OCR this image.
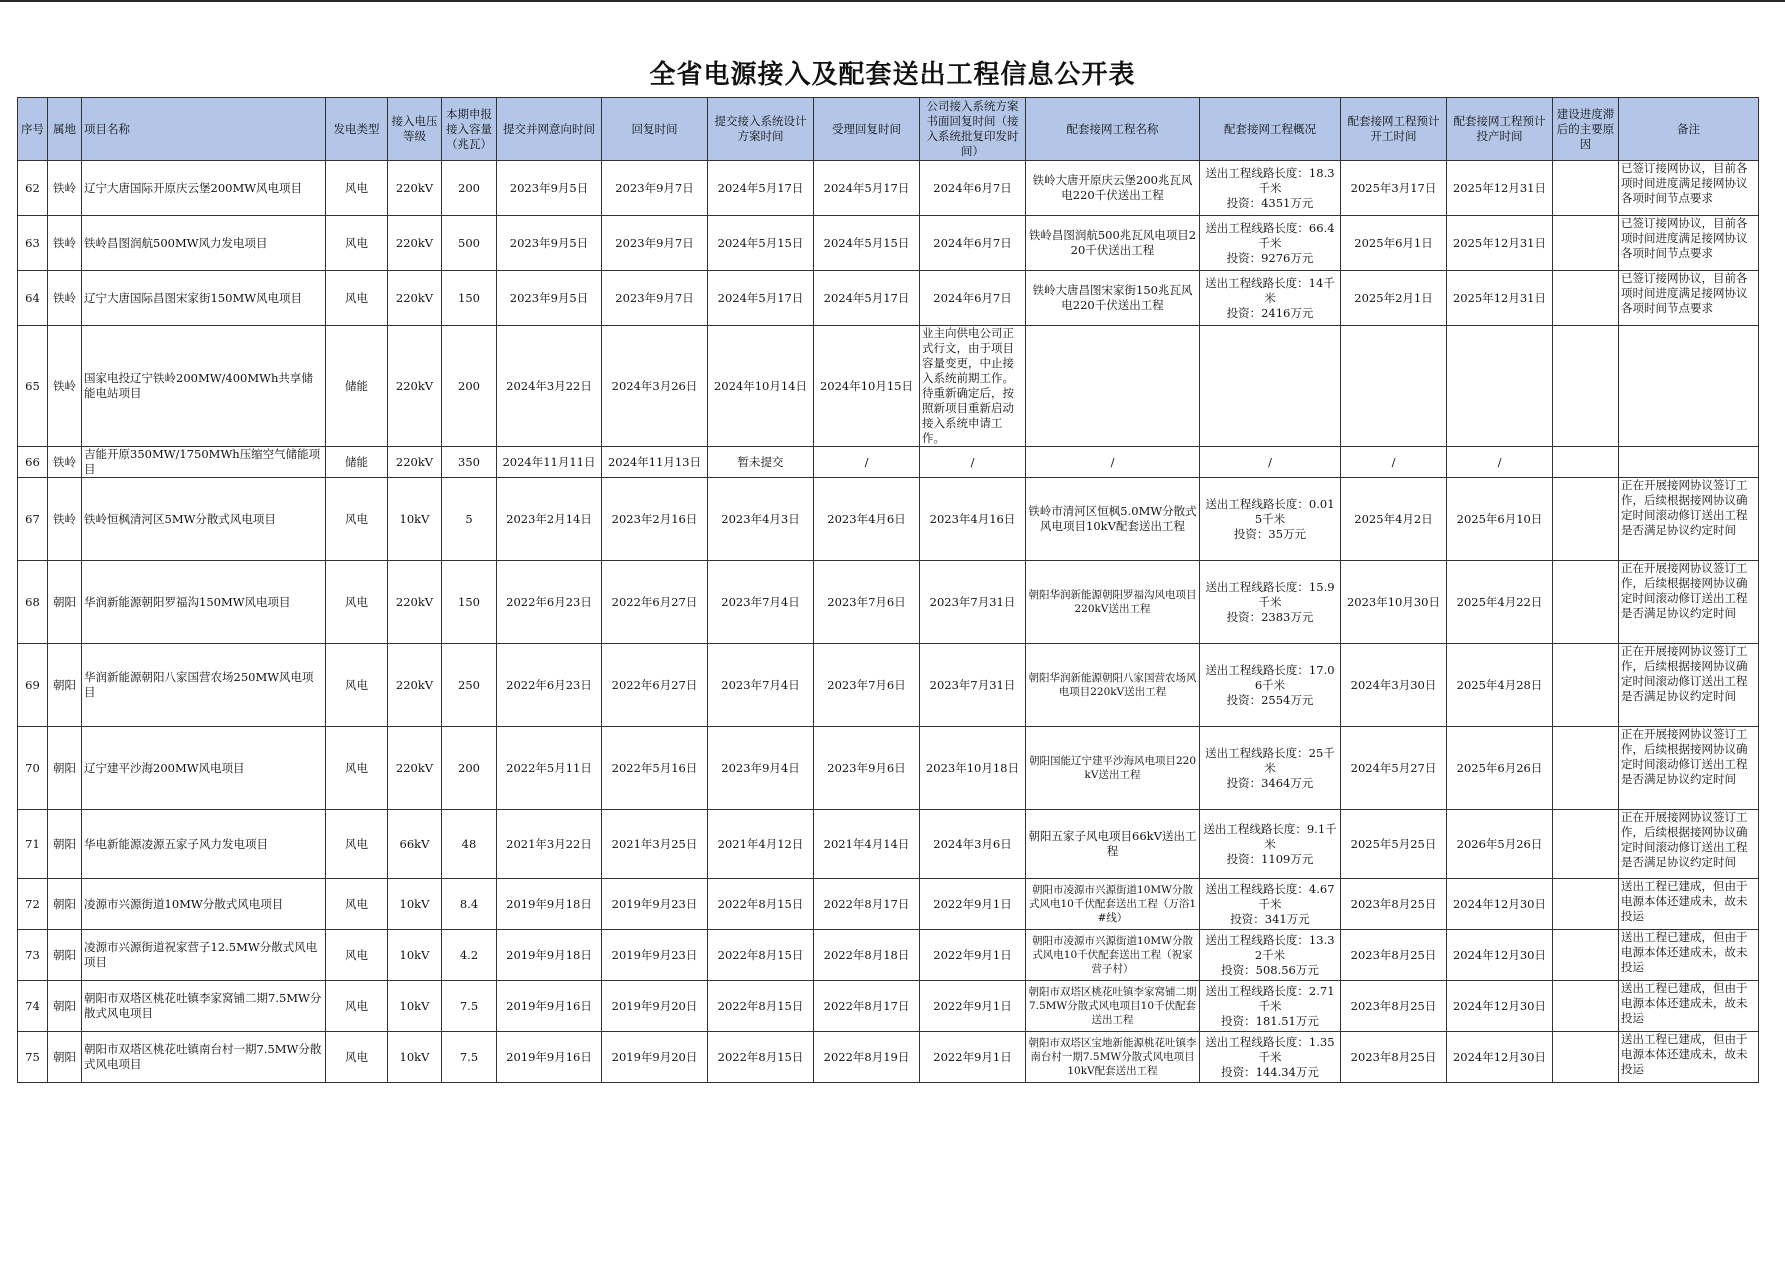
全省电源接入及配套送出工程信息公开表
序号	属地	项目名称	发电类型	接入电压等级	本期申报接入容量（兆瓦）	提交并网意向时间	回复时间	提交接入系统设计方案时间	受理回复时间	公司接入系统方案书面回复时间（接入系统批复印发时间）	配套接网工程名称	配套接网工程概况	配套接网工程预计开工时间	配套接网工程预计投产时间	建设进度滞后的主要原因	备注
62	铁岭	辽宁大唐国际开原庆云堡200MW风电项目	风电	220kV	200	2023年9月5日	2023年9月7日	2024年5月17日	2024年5月17日	2024年6月7日	铁岭大唐开原庆云堡200兆瓦风电220千伏送出工程	送出工程线路长度：18.3千米
投资：4351万元	2025年3月17日	2025年12月31日		已签订接网协议，目前各项时间进度满足接网协议各项时间节点要求
63	铁岭	铁岭昌图润航500MW风力发电项目	风电	220kV	500	2023年9月5日	2023年9月7日	2024年5月15日	2024年5月15日	2024年6月7日	铁岭昌图润航500兆瓦风电项目220千伏送出工程	送出工程线路长度：66.4千米
投资：9276万元	2025年6月1日	2025年12月31日		已签订接网协议，目前各项时间进度满足接网协议各项时间节点要求
64	铁岭	辽宁大唐国际昌图宋家街150MW风电项目	风电	220kV	150	2023年9月5日	2023年9月7日	2024年5月17日	2024年5月17日	2024年6月7日	铁岭大唐昌图宋家街150兆瓦风电220千伏送出工程	送出工程线路长度：14千米
投资：2416万元	2025年2月1日	2025年12月31日		已签订接网协议，目前各项时间进度满足接网协议各项时间节点要求
65	铁岭	国家电投辽宁铁岭200MW/400MWh共享储能电站项目	储能	220kV	200	2024年3月22日	2024年3月26日	2024年10月14日	2024年10月15日	业主向供电公司正式行文，由于项目容量变更，中止接入系统前期工作。待重新确定后，按照新项目重新启动接入系统申请工作。						
66	铁岭	吉能开原350MW/1750MWh压缩空气储能项目	储能	220kV	350	2024年11月11日	2024年11月13日	暂未提交	/	/	/	/	/	/		
67	铁岭	铁岭恒枫清河区5MW分散式风电项目	风电	10kV	5	2023年2月14日	2023年2月16日	2023年4月3日	2023年4月6日	2023年4月16日	铁岭市清河区恒枫5.0MW分散式风电项目10kV配套送出工程	送出工程线路长度：0.015千米
投资：35万元	2025年4月2日	2025年6月10日		正在开展接网协议签订工作，后续根据接网协议确定时间滚动修订送出工程是否满足协议约定时间
68	朝阳	华润新能源朝阳罗福沟150MW风电项目	风电	220kV	150	2022年6月23日	2022年6月27日	2023年7月4日	2023年7月6日	2023年7月31日	朝阳华润新能源朝阳罗福沟风电项目220kV送出工程	送出工程线路长度：15.9千米
投资：2383万元	2023年10月30日	2025年4月22日		正在开展接网协议签订工作，后续根据接网协议确定时间滚动修订送出工程是否满足协议约定时间
69	朝阳	华润新能源朝阳八家国营农场250MW风电项目	风电	220kV	250	2022年6月23日	2022年6月27日	2023年7月4日	2023年7月6日	2023年7月31日	朝阳华润新能源朝阳八家国营农场风电项目220kV送出工程	送出工程线路长度：17.06千米
投资：2554万元	2024年3月30日	2025年4月28日		正在开展接网协议签订工作，后续根据接网协议确定时间滚动修订送出工程是否满足协议约定时间
70	朝阳	辽宁建平沙海200MW风电项目	风电	220kV	200	2022年5月11日	2022年5月16日	2023年9月4日	2023年9月6日	2023年10月18日	朝阳国能辽宁建平沙海风电项目220kV送出工程	送出工程线路长度：25千米
投资：3464万元	2024年5月27日	2025年6月26日		正在开展接网协议签订工作，后续根据接网协议确定时间滚动修订送出工程是否满足协议约定时间
71	朝阳	华电新能源凌源五家子风力发电项目	风电	66kV	48	2021年3月22日	2021年3月25日	2021年4月12日	2021年4月14日	2024年3月6日	朝阳五家子风电项目66kV送出工程	送出工程线路长度：9.1千米
投资：1109万元	2025年5月25日	2026年5月26日		正在开展接网协议签订工作，后续根据接网协议确定时间滚动修订送出工程是否满足协议约定时间
72	朝阳	凌源市兴源街道10MW分散式风电项目	风电	10kV	8.4	2019年9月18日	2019年9月23日	2022年8月15日	2022年8月17日	2022年9月1日	朝阳市凌源市兴源街道10MW分散式风电10千伏配套送出工程（万浴1#线）	送出工程线路长度：4.67千米
投资：341万元	2023年8月25日	2024年12月30日		送出工程已建成，但由于电源本体还建成未，故未投运
73	朝阳	凌源市兴源街道祝家营子12.5MW分散式风电项目	风电	10kV	4.2	2019年9月18日	2019年9月23日	2022年8月15日	2022年8月18日	2022年9月1日	朝阳市凌源市兴源街道10MW分散式风电10千伏配套送出工程（祝家营子村）	送出工程线路长度：13.32千米
投资：508.56万元	2023年8月25日	2024年12月30日		送出工程已建成，但由于电源本体还建成未，故未投运
74	朝阳	朝阳市双塔区桃花吐镇李家窝铺二期7.5MW分散式风电项目	风电	10kV	7.5	2019年9月16日	2019年9月20日	2022年8月15日	2022年8月17日	2022年9月1日	朝阳市双塔区桃花吐镇李家窝铺二期7.5MW分散式风电项目10千伏配套送出工程	送出工程线路长度：2.71千米
投资：181.51万元	2023年8月25日	2024年12月30日		送出工程已建成，但由于电源本体还建成未，故未投运
75	朝阳	朝阳市双塔区桃花吐镇南台村一期7.5MW分散式风电项目	风电	10kV	7.5	2019年9月16日	2019年9月20日	2022年8月15日	2022年8月19日	2022年9月1日	朝阳市双塔区宝地新能源桃花吐镇李南台村一期7.5MW分散式风电项目10kV配套送出工程	送出工程线路长度：1.35千米
投资：144.34万元	2023年8月25日	2024年12月30日		送出工程已建成，但由于电源本体还建成未，故未投运
